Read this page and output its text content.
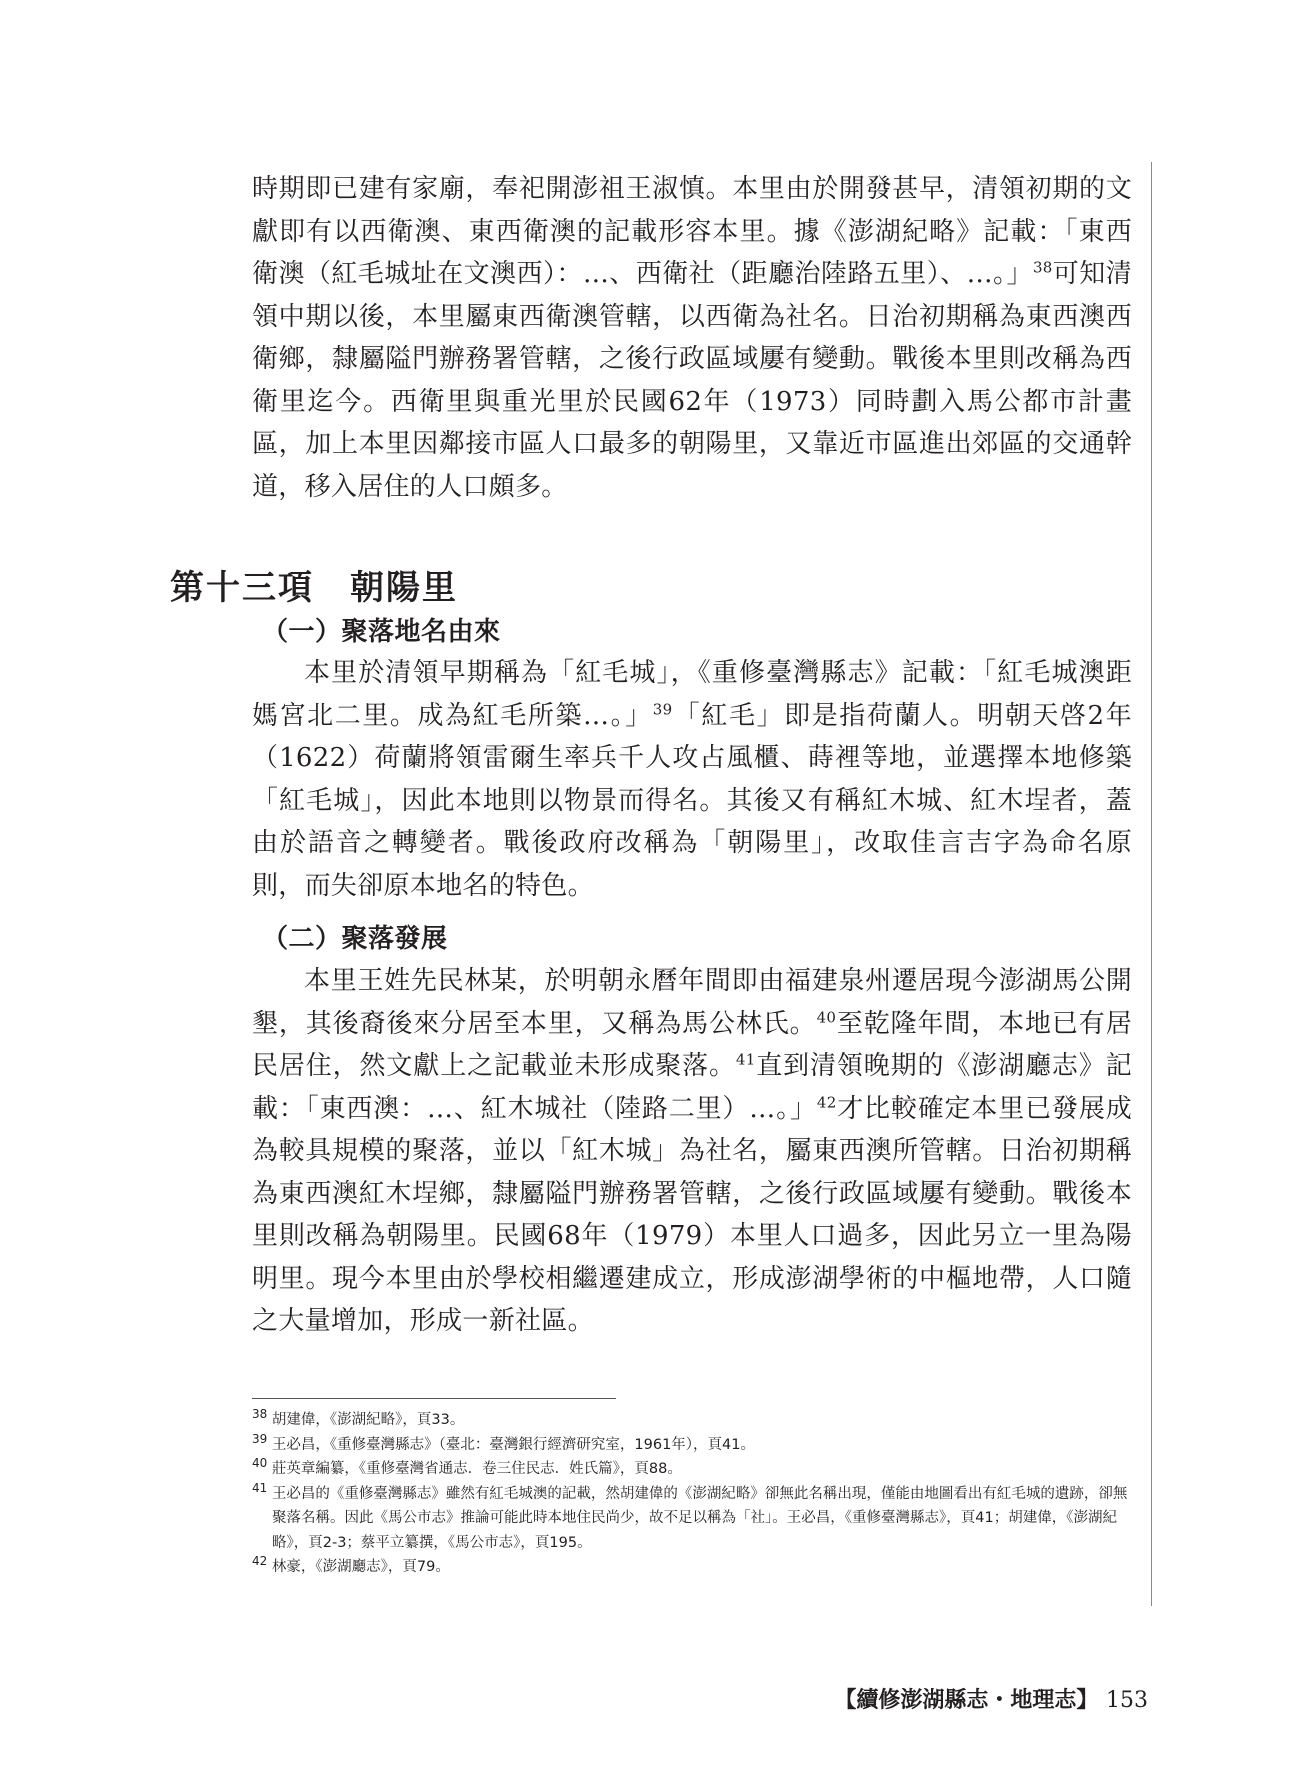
時期即已建有家廟，奉祀開澎祖王淑慎。本里由於開發甚早，清領初期的文獻即有以西衛澳、東西衛澳的記載形容本里。據《澎湖紀略》記載：「東西衛澳（紅毛城址在文澳西）：…、西衛社（距廳治陸路五里）、…。」$^{38}$可知清領中期以後，本里屬東西衛澳管轄，以西衛為社名。日治初期稱為東西澳西衛鄉，隸屬隘門辦務署管轄，之後行政區域屢有變動。戰後本里則改稱為西衛里迄今。西衛里與重光里於民國62年（1973）同時劃入馬公都市計畫區，加上本里因鄰接市區人口最多的朝陽里，又靠近市區進出郊區的交通幹道，移入居住的人口頗多。

第十三項　朝陽里
（一）聚落地名由來

本里於清領早期稱為「紅毛城」，《重修臺灣縣志》記載：「紅毛城澳距媽宮北二里。成為紅毛所築…。」$^{39}$「紅毛」即是指荷蘭人。明朝天啓2年（1622）荷蘭將領雷爾生率兵千人攻占風櫃、蒔裡等地，並選擇本地修築「紅毛城」，因此本地則以物景而得名。其後又有稱紅木城、紅木埕者，蓋由於語音之轉變者。戰後政府改稱為「朝陽里」，改取佳言吉字為命名原則，而失卻原本地名的特色。

（二）聚落發展

本里王姓先民林某，於明朝永曆年間即由福建泉州遷居現今澎湖馬公開墾，其後裔後來分居至本里，又稱為馬公林氏。$^{40}$至乾隆年間，本地已有居民居住，然文獻上之記載並未形成聚落。$^{41}$直到清領晚期的《澎湖廳志》記載：「東西澳：…、紅木城社（陸路二里）…。」$^{42}$才比較確定本里已發展成為較具規模的聚落，並以「紅木城」為社名，屬東西澳所管轄。日治初期稱為東西澳紅木埕鄉，隸屬隘門辦務署管轄，之後行政區域屢有變動。戰後本里則改稱為朝陽里。民國68年（1979）本里人口過多，因此另立一里為陽明里。現今本里由於學校相繼遷建成立，形成澎湖學術的中樞地帶，人口隨之大量增加，形成一新社區。

$^{38}$ 胡建偉，《澎湖紀略》，頁33。

$^{39}$ 王必昌，《重修臺灣縣志》（臺北：臺灣銀行經濟研究室，1961年），頁41。

$^{40}$ 莊英章編纂，《重修臺灣省通志．卷三住民志．姓氏篇》，頁88。

$^{41}$ 王必昌的《重修臺灣縣志》雖然有紅毛城澳的記載，然胡建偉的《澎湖紀略》卻無此名稱出現，僅能由地圖看出有紅毛城的遺跡，卻無聚落名稱。因此《馬公市志》推論可能此時本地住民尚少，故不足以稱為「社」。王必昌，《重修臺灣縣志》，頁41；胡建偉，《澎湖紀略》，頁2-3；蔡平立纂撰，《馬公市志》，頁195。

$^{42}$ 林豪，《澎湖廳志》，頁79。

【續修澎湖縣志・地理志】 153
